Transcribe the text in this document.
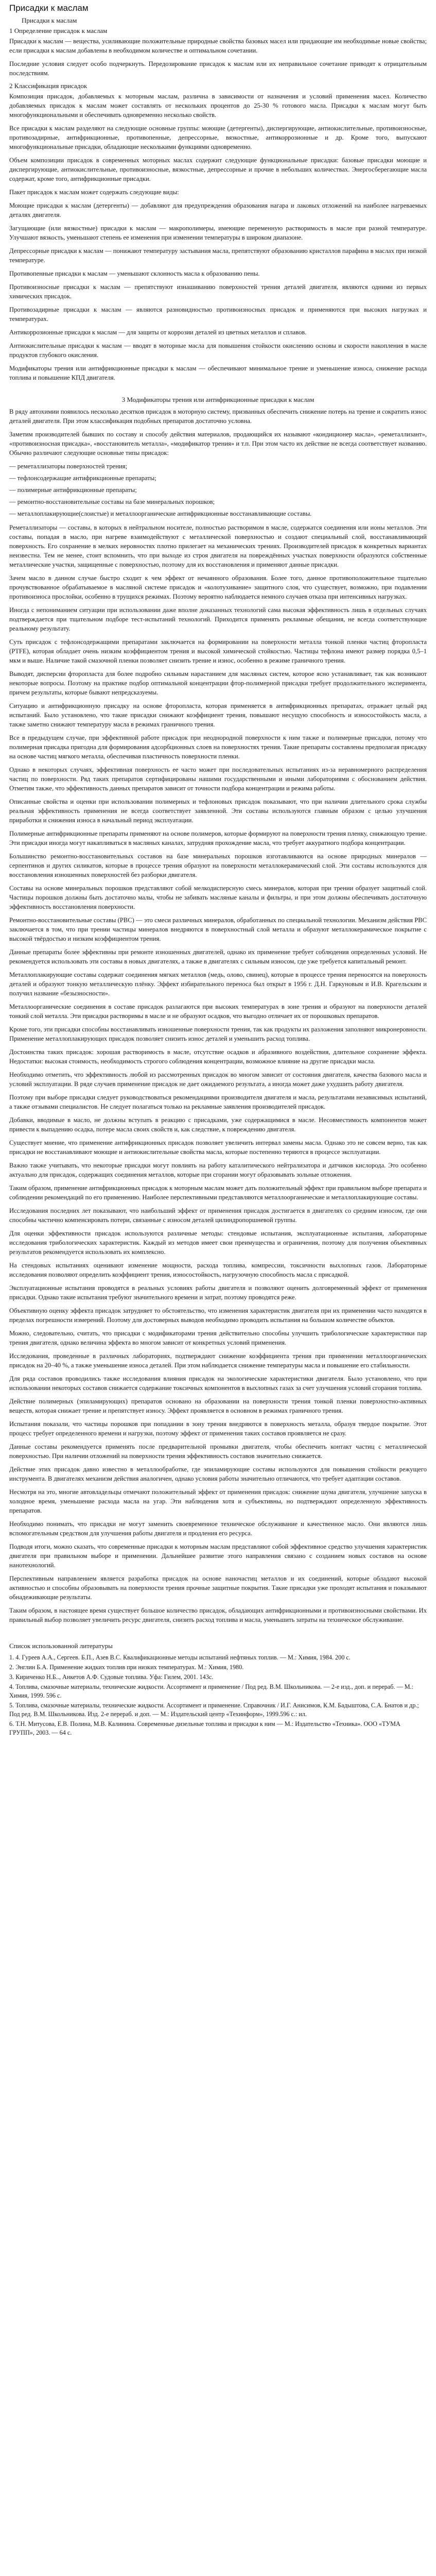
Присадки к маслам
Присадки к маслам
1 Определение присадок к маслам

Присадки к маслам — вещества, усиливающие положительные природные свойства базовых масел или придающие им необходимые новые свойства; если присадки к маслам добавлены в необходимом количестве и оптимальном сочетании.

Последние условия следует особо подчеркнуть. Передозирование присадок к маслам или их неправильное сочетание приводят к отрицательным последствиям.

2 Классификация присадок

Композиция присадок, добавляемых к моторным маслам, различна в зависимости от назначения и условий применения масел. Количество добавляемых присадок к маслам может составлять от нескольких процентов до 25-30 % готового масла. Присадки к маслам могут быть многофункциональными и обеспечивать одновременно несколько свойств.

Все присадки к маслам разделяют на следующие основные группы: моющие (детергенты), диспергирующие, антиокислительные, противоизносные, противозадирные, антифрикционные, противопенные, депрессорные, вязкостные, антикоррозионные и др. Кроме того, выпускают многофункциональные присадки, обладающие несколькими функциями одновременно.

Объем композиции присадок в современных моторных маслах содержит следующие функциональные присадки: базовые присадки моющие и диспергирующие, антиокислительные, противоизносные, вязкостные, депрессорные и прочие в небольших количествах. Энергосберегающие масла содержат, кроме того, антифрикционные присадки.

Пакет присадок к маслам может содержать следующие виды:

Моющие присадки к маслам (детергенты) — добавляют для предупреждения образования нагара и лаковых отложений на наиболее нагреваемых деталях двигателя.

Загущающие (или вязкостные) присадки к маслам — макрополимеры, имеющие переменную растворимость в масле при разной температуре. Улучшают вязкость, уменьшают степень ее изменения при изменении температуры в широком диапазоне.

Депрессорные присадки к маслам — понижают температуру застывания масла, препятствуют образованию кристаллов парафина в маслах при низкой температуре.

Противопенные присадки к маслам — уменьшают склонность масла к образованию пены.

Противоизносные присадки к маслам — препятствуют изнашиванию поверхностей трения деталей двигателя, являются одними из первых химических присадок.

Противозадирные присадки к маслам — являются разновидностью противоизносных присадок и применяются при высоких нагрузках и температурах.

Антикоррозионные присадки к маслам — для защиты от коррозии деталей из цветных металлов и сплавов.

Антиокислительные присадки к маслам — вводят в моторные масла для повышения стойкости окислению основы и скорости накопления в масле продуктов глубокого окисления.

Модификаторы трения или антифрикционные присадки к маслам — обеспечивают минимальное трение и уменьшение износа, снижение расхода топлива и повышение КПД двигателя.

3 Модификаторы трения или антифрикционные присадки к маслам

В ряду автохимии появилось несколько десятков присадок в моторную систему, призванных обеспечить снижение потерь на трение и сократить износ деталей двигателя. При этом классификация подобных препаратов достаточно условна.

Заметим производителей бывших по составу и способу действия материалов, продающийся их называют «кондиционер масла», «реметаллизант», «противоизносная присадка», «восстановитель металла», «модификатор трения» и т.п. При этом часто их действие не всегда соответствует названию. Обычно различают следующие основные типы присадок:

— реметаллизаторы поверхностей трения;
— тефлонсодержащие антифрикционные препараты;
— полимерные антифрикционные препараты;
— ремонтно-восстановительные составы на базе минеральных порошков;
— металлоплакирующие(слоистые) и металлоорганические антифрикционные восстанавливающие составы.

Реметаллизаторы — составы, в которых в нейтральном носителе, полностью растворимом в масле, содержатся соединения или ионы металлов. Эти составы, попадая в масло, при нагреве взаимодействуют с металлической поверхностью и создают специальный слой, восстанавливающий поверхность. Его сохранение в мелких неровностях плотно прилегает на механических трениях. Производителей присадок в конкретных вариантах неизвестна. Тем не менее, стоит вспомнить, что при выходе из строя двигателя на повреждённых участках поверхности образуются собственные металлические участки, защищенные с поверхностью, поэтому для их восстановления и применяют данные присадки.

Зачем масло в данном случае быстро сходит к чем эффект от нечаянного образования. Более того, данное противоположительное тщательно прочувствованное обрабатываемое в масляной системе присадок и «колотухивание» защитного слоя, что существует, возможно, при подавлении противоизноса прослойки, особенно в трущихся режимах. Поэтому вероятно наблюдается немного случаев отказа при интенсивных нагрузках.

Иногда с непониманием ситуации при использовании даже вполне доказанных технологий сама высокая эффективность лишь в отдельных случаях подтверждается при тщательном подборе тест-испытаний технологий. Приходится применять рекламные обещания, не всегда соответствующие реальному результату.

Суть присадок с тефлонсодержащими препаратами заключается на формировании на поверхности металла тонкой пленки частиц фторопласта (PTFE), которая обладает очень низким коэффициентом трения и высокой химической стойкостью. Частицы тефлона имеют размер порядка 0,5–1 мкм и выше. Наличие такой смазочной пленки позволяет снизить трение и износ, особенно в режиме граничного трения.

Выводят, дисперсии фторопласта для более подробно сильным нарастанием для масляных систем, которое ясно устанавливает, так как возникают некоторые вопросы. Поэтому на практике подбор оптимальной концентрации фтор-полимерной присадки требует продолжительного эксперимента, причем результаты, которые бывают непредсказуемы.

Ситуацию и антифрикционную присадку на основе фторопласта, которая применяется в антифрикционных препаратах, отражает целый ряд испытаний. Было установлено, что такие присадки снижают коэффициент трения, повышают несущую способность и износостойкость масла, а также заметно снижают температуру масла в режимах граничного трения.

Все в предыдущем случае, при эффективной работе присадок при неоднородной поверхности к ним также и полимерные присадки, потому что полимерная присадка пригодна для формирования адсорбционных слоев на поверхностях трения. Такие препараты составлены предполагая присадку на основе частиц мягкого металла, обеспечивая пластичность поверхности пленки.

Однако в некоторых случаях, эффективная поверхность ее часто может при последовательных испытаниях из-за неравномерного распределения частиц по поверхности. Ряд таких препаратов сертифицированы нашими государственными и иными лабораториями с обоснованием действия. Отметим также, что эффективность данных препаратов зависит от точности подбора концентрации и режима работы.

Описанные свойства и оценки при использовании полимерных и тефлоновых присадок показывают, что при наличии длительного срока службы реальная эффективность применения не всегда соответствует заявленной. Эти составы используются главным образом с целью улучшения приработки и снижения износа в начальный период эксплуатации.

Полимерные антифрикционные препараты применяют на основе полимеров, которые формируют на поверхности трения пленку, снижающую трение. Эти присадки иногда могут накапливаться в масляных каналах, затрудняя прохождение масла, что требует аккуратного подбора концентрации.

Большинство ремонтно-восстановительных составов на базе минеральных порошков изготавливаются на основе природных минералов — серпентинов и других силикатов, которые в процессе трения образуют на поверхности металлокерамический слой. Эти составы используются для восстановления изношенных поверхностей без разборки двигателя.

Составы на основе минеральных порошков представляют собой мелкодисперсную смесь минералов, которая при трении образует защитный слой. Частицы порошков должны быть достаточно малы, чтобы не забивать масляные каналы и фильтры, и при этом должны обеспечивать достаточную эффективность восстановления поверхности.

Ремонтно-восстановительные составы (РВС) — это смеси различных минералов, обработанных по специальной технологии. Механизм действия РВС заключается в том, что при трении частицы минералов внедряются в поверхностный слой металла и образуют металлокерамическое покрытие с высокой твёрдостью и низким коэффициентом трения.

Данные препараты более эффективны при ремонте изношенных двигателей, однако их применение требует соблюдения определенных условий. Не рекомендуется использовать эти составы в новых двигателях, а также в двигателях с сильным износом, где уже требуется капитальный ремонт.

Металлоплакирующие составы содержат соединения мягких металлов (медь, олово, свинец), которые в процессе трения переносятся на поверхность деталей и образуют тонкую металлическую плёнку. Эффект избирательного переноса был открыт в 1956 г. Д.Н. Гаркуновым и И.В. Крагельским и получил название «безызносности».

Металлоорганические соединения в составе присадок разлагаются при высоких температурах в зоне трения и образуют на поверхности деталей тонкий слой металла. Эти присадки растворимы в масле и не образуют осадков, что выгодно отличает их от порошковых препаратов.

Кроме того, эти присадки способны восстанавливать изношенные поверхности трения, так как продукты их разложения заполняют микронеровности. Применение металлоплакирующих присадок позволяет снизить износ деталей и уменьшить расход топлива.

Достоинства таких присадок: хорошая растворимость в масле, отсутствие осадков и абразивного воздействия, длительное сохранение эффекта. Недостатки: высокая стоимость, необходимость строгого соблюдения концентрации, возможное влияние на другие присадки масла.

Необходимо отметить, что эффективность любой из рассмотренных присадок во многом зависит от состояния двигателя, качества базового масла и условий эксплуатации. В ряде случаев применение присадок не дает ожидаемого результата, а иногда может даже ухудшить работу двигателя.

Поэтому при выборе присадки следует руководствоваться рекомендациями производителя двигателя и масла, результатами независимых испытаний, а также отзывами специалистов. Не следует полагаться только на рекламные заявления производителей присадок.

Добавки, вводимые в масло, не должны вступать в реакцию с присадками, уже содержащимися в масле. Несовместимость компонентов может привести к выпадению осадка, потере масла своих свойств и, как следствие, к повреждению двигателя.

Существует мнение, что применение антифрикционных присадок позволяет увеличить интервал замены масла. Однако это не совсем верно, так как присадки не восстанавливают моющие и антиокислительные свойства масла, которые постепенно теряются в процессе эксплуатации.

Важно также учитывать, что некоторые присадки могут повлиять на работу каталитического нейтрализатора и датчиков кислорода. Это особенно актуально для присадок, содержащих соединения металлов, которые при сгорании могут образовывать зольные отложения.

Таким образом, применение антифрикционных присадок к моторным маслам может дать положительный эффект при правильном выборе препарата и соблюдении рекомендаций по его применению. Наиболее перспективными представляются металлоорганические и металлоплакирующие составы.

Исследования последних лет показывают, что наибольший эффект от применения присадок достигается в двигателях со средним износом, где они способны частично компенсировать потери, связанные с износом деталей цилиндропоршневой группы.

Для оценки эффективности присадок используются различные методы: стендовые испытания, эксплуатационные испытания, лабораторные исследования трибологических характеристик. Каждый из методов имеет свои преимущества и ограничения, поэтому для получения объективных результатов рекомендуется использовать их комплексно.

На стендовых испытаниях оценивают изменение мощности, расхода топлива, компрессии, токсичности выхлопных газов. Лабораторные исследования позволяют определить коэффициент трения, износостойкость, нагрузочную способность масла с присадкой.

Эксплуатационные испытания проводятся в реальных условиях работы двигателя и позволяют оценить долговременный эффект от применения присадки. Однако такие испытания требуют значительного времени и затрат, поэтому проводятся реже.

Объективную оценку эффекта присадок затрудняет то обстоятельство, что изменения характеристик двигателя при их применении часто находятся в пределах погрешности измерений. Поэтому для достоверных выводов необходимо проводить испытания на большом количестве объектов.

Можно, следовательно, считать, что присадки с модификаторами трения действительно способны улучшить трибологические характеристики пар трения двигателя, однако величина эффекта во многом зависит от конкретных условий применения.

Исследования, проведенные в различных лабораториях, подтверждают снижение коэффициента трения при применении металлоорганических присадок на 20–40 %, а также уменьшение износа деталей. При этом наблюдается снижение температуры масла и повышение его стабильности.

Для ряда составов проводились также исследования влияния присадок на экологические характеристики двигателя. Было установлено, что при использовании некоторых составов снижается содержание токсичных компонентов в выхлопных газах за счет улучшения условий сгорания топлива.

Действие полимерных (эпиламирующих) препаратов основано на образовании на поверхности трения тонкой пленки поверхностно-активных веществ, которая снижает трение и препятствует износу. Эффект проявляется в основном в режимах граничного трения.

Испытания показали, что частицы порошков при попадании в зону трения внедряются в поверхность металла, образуя твердое покрытие. Этот процесс требует определенного времени и нагрузки, поэтому эффект от применения таких составов проявляется не сразу.

Данные составы рекомендуется применять после предварительной промывки двигателя, чтобы обеспечить контакт частиц с металлической поверхностью. При наличии отложений на поверхности трения эффективность составов значительно снижается.

Действие этих присадок давно известно в металлообработке, где эпиламирующие составы используются для повышения стойкости режущего инструмента. В двигателях механизм действия аналогичен, однако условия работы значительно отличаются, что требует адаптации составов.

Несмотря на это, многие автовладельцы отмечают положительный эффект от применения присадок: снижение шума двигателя, улучшение запуска в холодное время, уменьшение расхода масла на угар. Эти наблюдения хотя и субъективны, но подтверждают определенную эффективность препаратов.

Необходимо понимать, что присадки не могут заменить своевременное техническое обслуживание и качественное масло. Они являются лишь вспомогательным средством для улучшения работы двигателя и продления его ресурса.

Подводя итоги, можно сказать, что современные присадки к моторным маслам представляют собой эффективное средство улучшения характеристик двигателя при правильном выборе и применении. Дальнейшее развитие этого направления связано с созданием новых составов на основе нанотехнологий.

Перспективным направлением является разработка присадок на основе наночастиц металлов и их соединений, которые обладают высокой активностью и способны образовывать на поверхности трения прочные защитные покрытия. Такие присадки уже проходят испытания и показывают обнадеживающие результаты.

Таким образом, в настоящее время существует большое количество присадок, обладающих антифрикционными и противоизносными свойствами. Их правильный выбор позволяет увеличить ресурс двигателя, снизить расход топлива и масла, уменьшить затраты на техническое обслуживание.

Список использованной литературы
1. 4. Гуреев А.А., Сергеев. Б.П., Азев В.С. Квалификационные методы испытаний нефтяных топлив. — М.: Химия, 1984. 200 с.
2. Энглин Б.А. Применение жидких топлив при низких температурах. М.: Химия, 1980.
3. Кириченко Н.Б.., Анкетов А.Ф. Судовые топлива. Уфа: Гилем, 2001. 143с.
4. Топлива, смазочные материалы, технические жидкости. Ассортимент и применение / Под ред. В.М. Школьникова. — 2-е изд., доп. и перераб. — М.: Химия, 1999. 596 с.
5. Топлива, смазочные материалы, технические жидкости. Ассортимент и применение. Справочник / И.Г. Анисимов, К.М. Бадыштова, С.А. Бнатов и др.; Под ред. В.М. Школьникова. Изд. 2-е перераб. и доп. — М.: Издательский центр «Техинформ», 1999.596 с.: ил.
6. Т.Н. Митусова, Е.В. Полина, М.В. Калинина. Современные дизельные топлива и присадки к ним — М.: Издательство «Техника». ООО «ТУМА ГРУПП», 2003. — 64 с.
